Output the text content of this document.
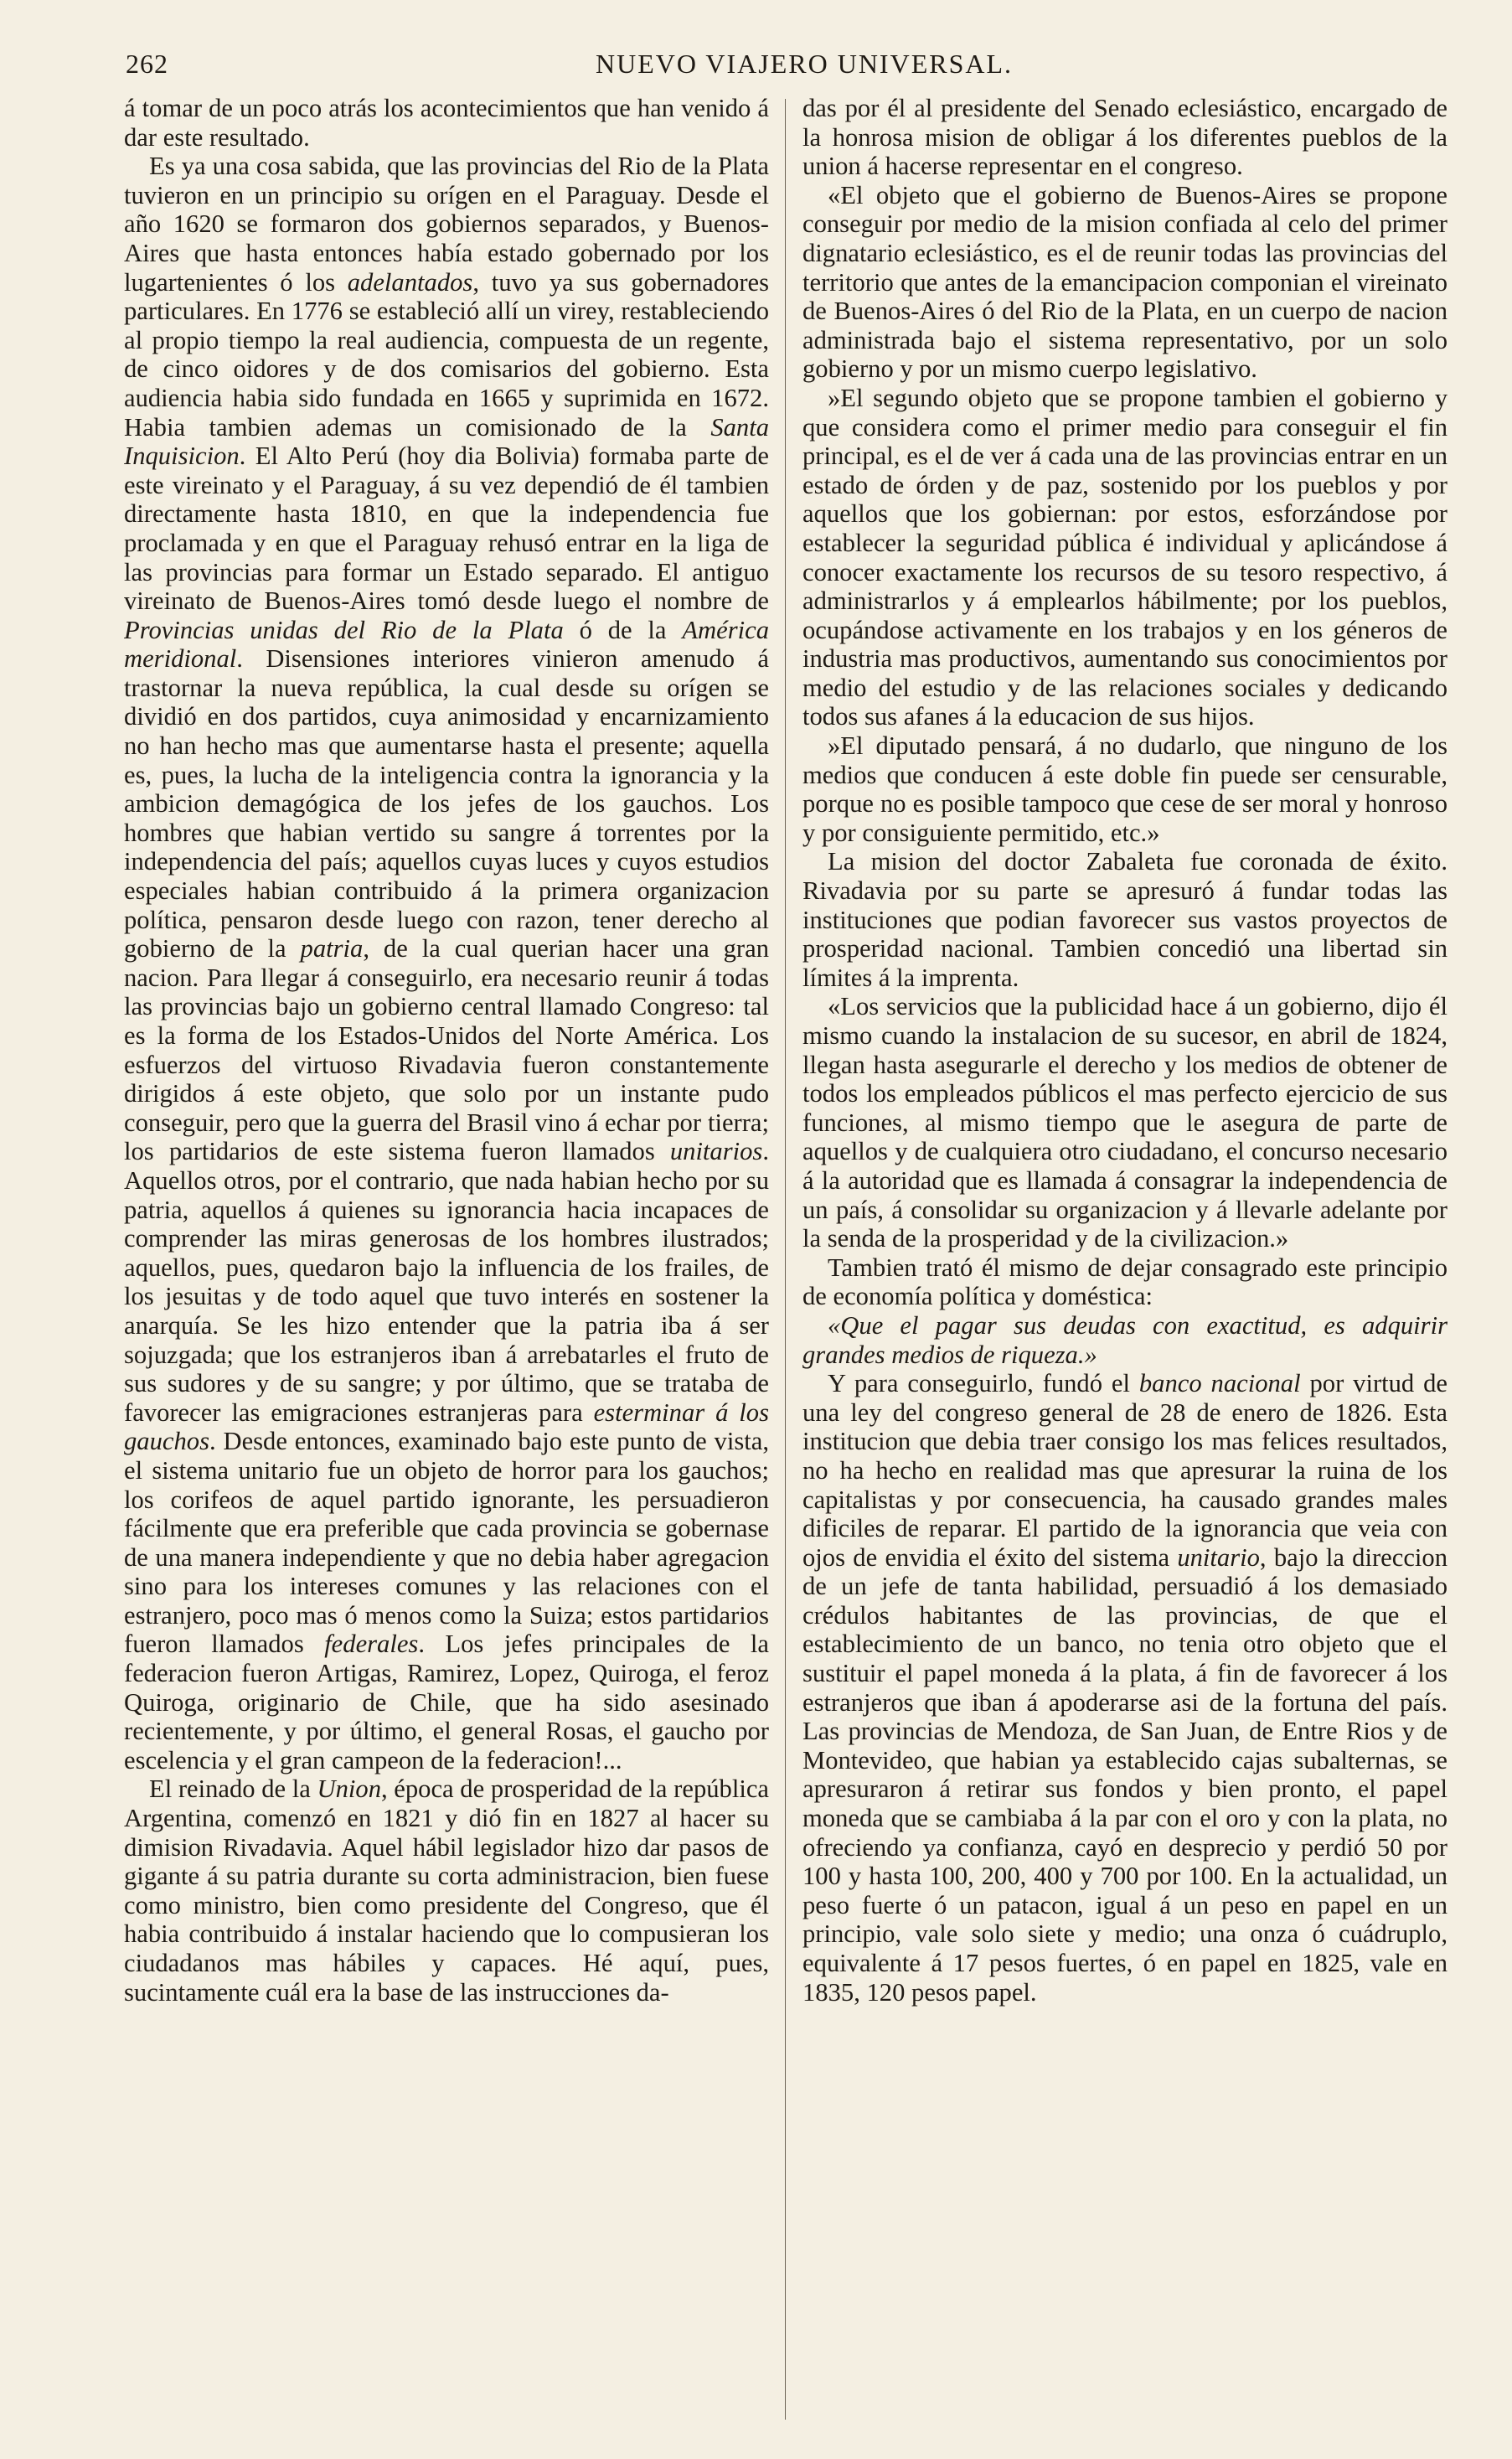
262	NUEVO VIAJERO UNIVERSAL.

á tomar de un poco atrás los acontecimientos que han venido á dar este resultado.

Es ya una cosa sabida, que las provincias del Rio de la Plata tuvieron en un principio su orígen en el Paraguay. Desde el año 1620 se formaron dos gobiernos separados, y Buenos-Aires que hasta entonces había estado gobernado por los lugartenientes ó los adelantados, tuvo ya sus gobernadores particulares. En 1776 se estableció allí un virey, restableciendo al propio tiempo la real audiencia, compuesta de un regente, de cinco oidores y de dos comisarios del gobierno. Esta audiencia habia sido fundada en 1665 y suprimida en 1672. Habia tambien ademas un comisionado de la Santa Inquisicion. El Alto Perú (hoy dia Bolivia) formaba parte de este vireinato y el Paraguay, á su vez dependió de él tambien directamente hasta 1810, en que la independencia fue proclamada y en que el Paraguay rehusó entrar en la liga de las provincias para formar un Estado separado. El antiguo vireinato de Buenos-Aires tomó desde luego el nombre de Provincias unidas del Rio de la Plata ó de la América meridional. Disensiones interiores vinieron amenudo á trastornar la nueva república, la cual desde su orígen se dividió en dos partidos, cuya animosidad y encarnizamiento no han hecho mas que aumentarse hasta el presente; aquella es, pues, la lucha de la inteligencia contra la ignorancia y la ambicion demagógica de los jefes de los gauchos. Los hombres que habian vertido su sangre á torrentes por la independencia del país; aquellos cuyas luces y cuyos estudios especiales habian contribuido á la primera organizacion política, pensaron desde luego con razon, tener derecho al gobierno de la patria, de la cual querian hacer una gran nacion. Para llegar á conseguirlo, era necesario reunir á todas las provincias bajo un gobierno central llamado Congreso: tal es la forma de los Estados-Unidos del Norte América. Los esfuerzos del virtuoso Rivadavia fueron constantemente dirigidos á este objeto, que solo por un instante pudo conseguir, pero que la guerra del Brasil vino á echar por tierra; los partidarios de este sistema fueron llamados unitarios. Aquellos otros, por el contrario, que nada habian hecho por su patria, aquellos á quienes su ignorancia hacia incapaces de comprender las miras generosas de los hombres ilustrados; aquellos, pues, quedaron bajo la influencia de los frailes, de los jesuitas y de todo aquel que tuvo interés en sostener la anarquía. Se les hizo entender que la patria iba á ser sojuzgada; que los estranjeros iban á arrebatarles el fruto de sus sudores y de su sangre; y por último, que se trataba de favorecer las emigraciones estranjeras para esterminar á los gauchos. Desde entonces, examinado bajo este punto de vista, el sistema unitario fue un objeto de horror para los gauchos; los corifeos de aquel partido ignorante, les persuadieron fácilmente que era preferible que cada provincia se gobernase de una manera independiente y que no debia haber agregacion sino para los intereses comunes y las relaciones con el estranjero, poco mas ó menos como la Suiza; estos partidarios fueron llamados federales. Los jefes principales de la federacion fueron Artigas, Ramirez, Lopez, Quiroga, el feroz Quiroga, originario de Chile, que ha sido asesinado recientemente, y por último, el general Rosas, el gaucho por escelencia y el gran campeon de la federacion!...

El reinado de la Union, época de prosperidad de la república Argentina, comenzó en 1821 y dió fin en 1827 al hacer su dimision Rivadavia. Aquel hábil legislador hizo dar pasos de gigante á su patria durante su corta administracion, bien fuese como ministro, bien como presidente del Congreso, que él habia contribuido á instalar haciendo que lo compusieran los ciudadanos mas hábiles y capaces. Hé aquí, pues, sucintamente cuál era la base de las instrucciones da-

das por él al presidente del Senado eclesiástico, encargado de la honrosa mision de obligar á los diferentes pueblos de la union á hacerse representar en el congreso.

«El objeto que el gobierno de Buenos-Aires se propone conseguir por medio de la mision confiada al celo del primer dignatario eclesiástico, es el de reunir todas las provincias del territorio que antes de la emancipacion componian el vireinato de Buenos-Aires ó del Rio de la Plata, en un cuerpo de nacion administrada bajo el sistema representativo, por un solo gobierno y por un mismo cuerpo legislativo.

»El segundo objeto que se propone tambien el gobierno y que considera como el primer medio para conseguir el fin principal, es el de ver á cada una de las provincias entrar en un estado de órden y de paz, sostenido por los pueblos y por aquellos que los gobiernan: por estos, esforzándose por establecer la seguridad pública é individual y aplicándose á conocer exactamente los recursos de su tesoro respectivo, á administrarlos y á emplearlos hábilmente; por los pueblos, ocupándose activamente en los trabajos y en los géneros de industria mas productivos, aumentando sus conocimientos por medio del estudio y de las relaciones sociales y dedicando todos sus afanes á la educacion de sus hijos.

»El diputado pensará, á no dudarlo, que ninguno de los medios que conducen á este doble fin puede ser censurable, porque no es posible tampoco que cese de ser moral y honroso y por consiguiente permitido, etc.»

La mision del doctor Zabaleta fue coronada de éxito. Rivadavia por su parte se apresuró á fundar todas las instituciones que podian favorecer sus vastos proyectos de prosperidad nacional. Tambien concedió una libertad sin límites á la imprenta.

«Los servicios que la publicidad hace á un gobierno, dijo él mismo cuando la instalacion de su sucesor, en abril de 1824, llegan hasta asegurarle el derecho y los medios de obtener de todos los empleados públicos el mas perfecto ejercicio de sus funciones, al mismo tiempo que le asegura de parte de aquellos y de cualquiera otro ciudadano, el concurso necesario á la autoridad que es llamada á consagrar la independencia de un país, á consolidar su organizacion y á llevarle adelante por la senda de la prosperidad y de la civilizacion.»

Tambien trató él mismo de dejar consagrado este principio de economía política y doméstica:

«Que el pagar sus deudas con exactitud, es adquirir grandes medios de riqueza.»

Y para conseguirlo, fundó el banco nacional por virtud de una ley del congreso general de 28 de enero de 1826. Esta institucion que debia traer consigo los mas felices resultados, no ha hecho en realidad mas que apresurar la ruina de los capitalistas y por consecuencia, ha causado grandes males dificiles de reparar. El partido de la ignorancia que veia con ojos de envidia el éxito del sistema unitario, bajo la direccion de un jefe de tanta habilidad, persuadió á los demasiado crédulos habitantes de las provincias, de que el establecimiento de un banco, no tenia otro objeto que el sustituir el papel moneda á la plata, á fin de favorecer á los estranjeros que iban á apoderarse asi de la fortuna del país. Las provincias de Mendoza, de San Juan, de Entre Rios y de Montevideo, que habian ya establecido cajas subalternas, se apresuraron á retirar sus fondos y bien pronto, el papel moneda que se cambiaba á la par con el oro y con la plata, no ofreciendo ya confianza, cayó en desprecio y perdió 50 por 100 y hasta 100, 200, 400 y 700 por 100. En la actualidad, un peso fuerte ó un patacon, igual á un peso en papel en un principio, vale solo siete y medio; una onza ó cuádruplo, equivalente á 17 pesos fuertes, ó en papel en 1825, vale en 1835, 120 pesos papel.
